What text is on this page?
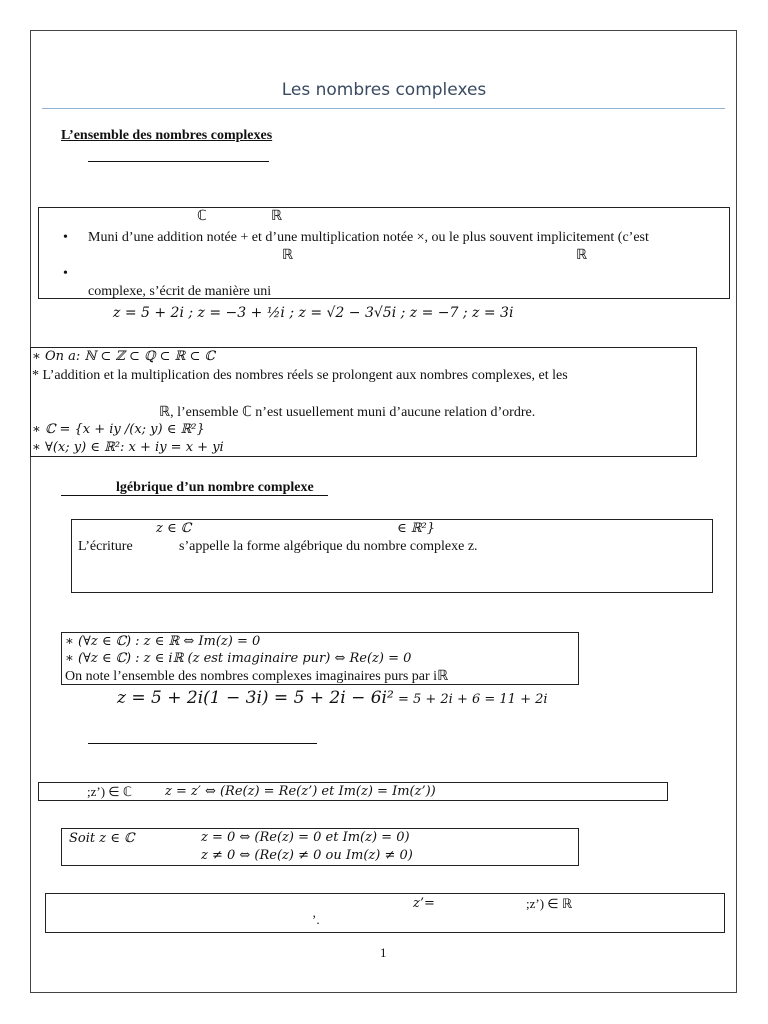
Les nombres complexes
L’ensemble des nombres complexes
ℂ	ℝ
• Muni d’une addition notée + et d’une multiplication notée ×, ou le plus souvent implicitement (c’est
ℝ	ℝ
•
complexe, s’écrit de manière uni
z = 5 + 2i ; z = −3 + ½i ; z = √2 − 3√5i ; z = −7 ; z = 3i
∗ On a: ℕ ⊂ ℤ ⊂ ℚ ⊂ ℝ ⊂ ℂ
* L’addition et la multiplication des nombres réels se prolongent aux nombres complexes, et les
ℝ, l’ensemble ℂ n’est usuellement muni d’aucune relation d’ordre.
∗ ℂ = {x + iy /(x; y) ∈ ℝ²}
∗ ∀(x; y) ∈ ℝ²: x + iy = x + yi
lgébrique d’un nombre complexe
z ∈ ℂ	∈ ℝ²}
L’écriture	s’appelle la forme algébrique du nombre complexe z.
∗ (∀z ∈ ℂ) : z ∈ ℝ ⇔ Im(z) = 0
∗ (∀z ∈ ℂ) : z ∈ iℝ (z est imaginaire pur) ⇔ Re(z) = 0
On note l’ensemble des nombres complexes imaginaires purs par iℝ
z = 5 + 2i(1 − 3i) = 5 + 2i − 6i² = 5 + 2i + 6 = 11 + 2i
;z’) ∈ ℂ	z = z′ ⇔ (Re(z) = Re(z’) et Im(z) = Im(z’))
Soit z ∈ ℂ	z = 0 ⇔ (Re(z) = 0 et Im(z) = 0)
z ≠ 0 ⇔ (Re(z) ≠ 0 ou Im(z) ≠ 0)
z’=	;z’) ∈ ℝ
’.
1
